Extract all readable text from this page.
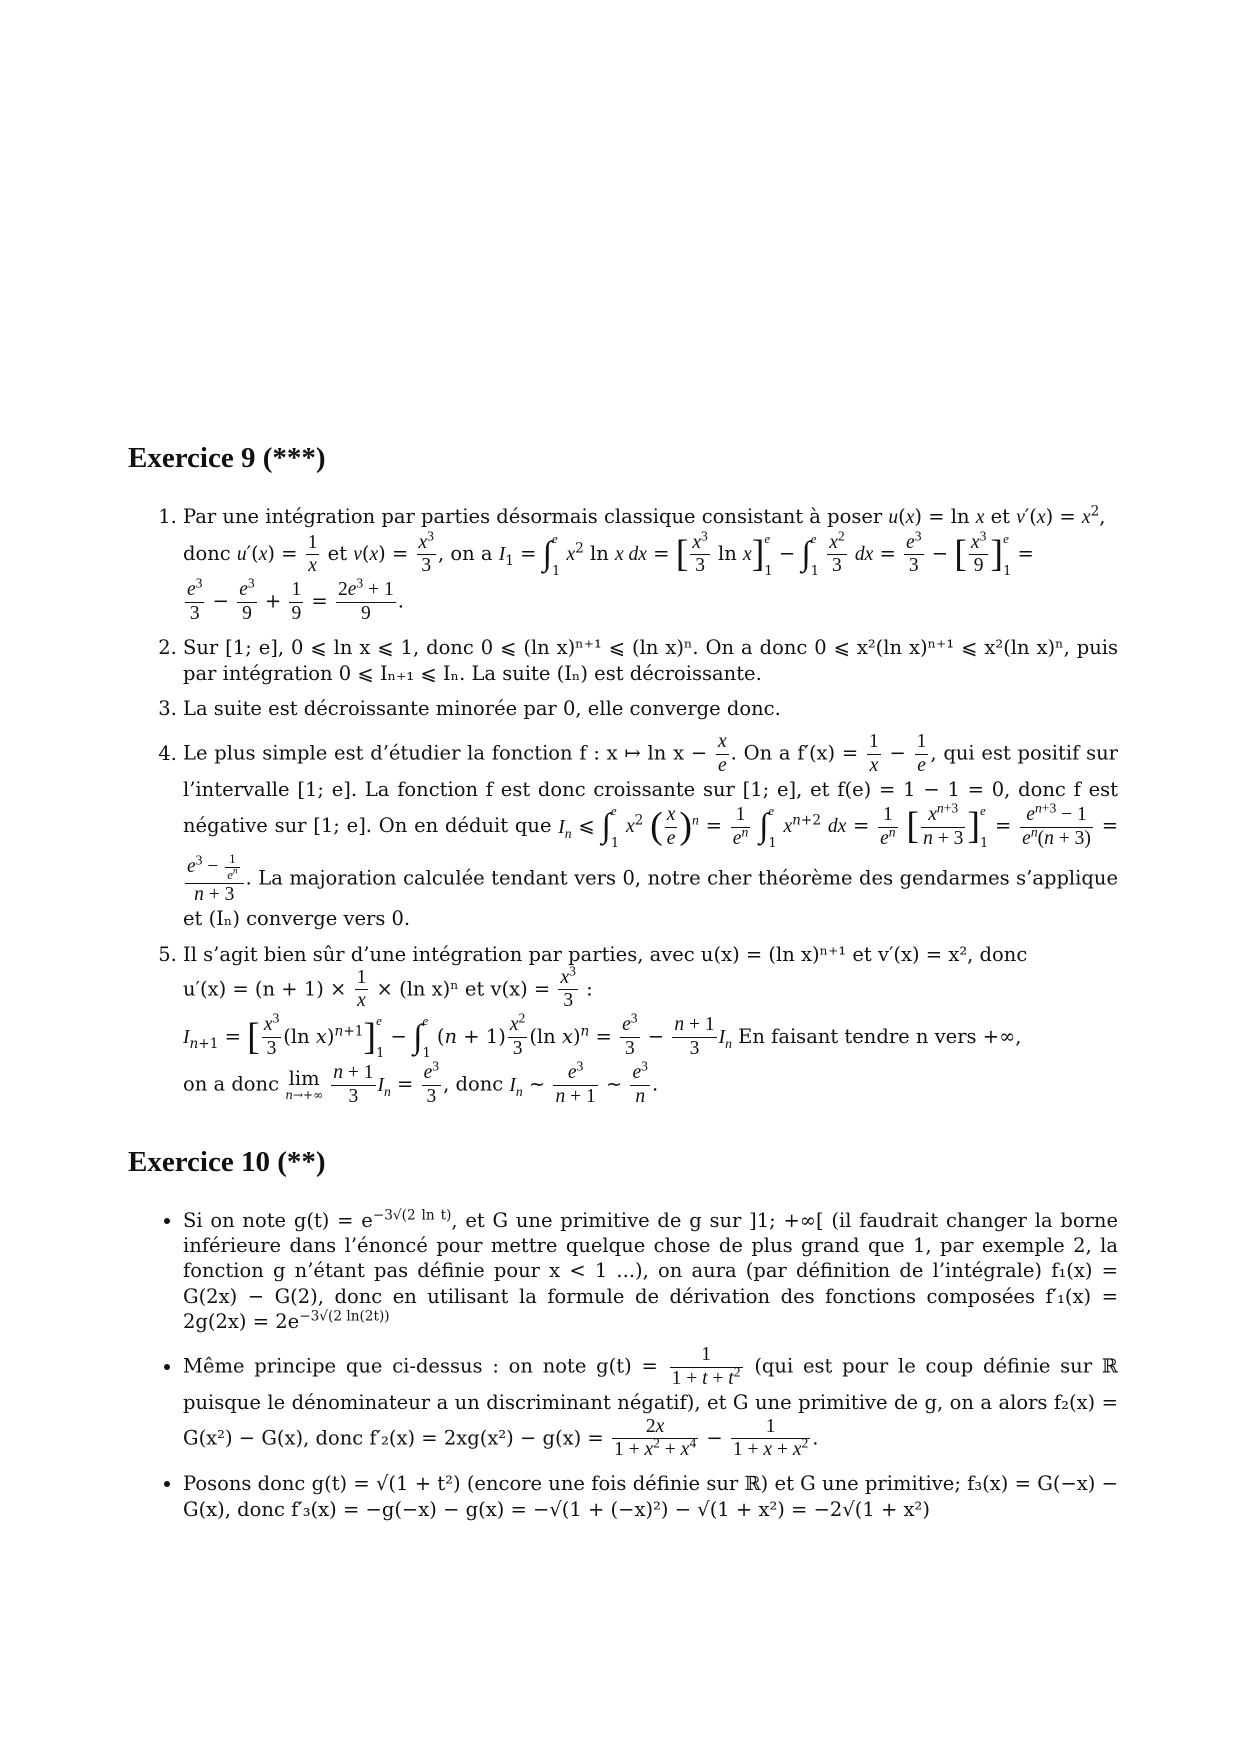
Exercice 9 (***)
1. Par une intégration par parties désormais classique consistant à poser u(x) = ln x et $v'(x) = x^2$,
donc $u'(x) = \frac{1}{x}$ et $v(x) = \frac{x^3}{3}$ , on a $I_1$ = ∫ e
1
$x^2$ ln x dx = [ $\frac{x^3}{3}$ ln x] e
1
− ∫ e
1
$\frac{x^2}{3}$ dx = $\frac{e^3}{3}$ − [ $\frac{x^3}{9}$ ] e
1
=
$\frac{e^3}{3} - \frac{e^3}{9} + \frac{1}{9} = \frac{2e^3 + 1}{9}$ .
2. Sur [1; e], 0 ⩽ ln x ⩽ 1, donc 0 ⩽ (ln x)ⁿ⁺¹ ⩽ (ln x)ⁿ. On a donc 0 ⩽ x²(ln x)ⁿ⁺¹ ⩽ x²(ln x)ⁿ, puis par intégration 0 ⩽ Iₙ₊₁ ⩽ Iₙ. La suite (Iₙ) est décroissante.
3. La suite est décroissante minorée par 0, elle converge donc.
4. Le plus simple est d’étudier la fonction f : x ↦ $\ln x - \frac{x}{e}$ . On a $f'(x) = \frac{1}{x} - \frac{1}{e}$ , qui est positif sur l’intervalle [1; e]. La fonction f est donc croissante sur [1; e], et f(e) = 1 − 1 = 0, donc f est négative sur [1; e]. On en déduit que $I_n$ ⩽ ∫ e
1
$x^2$ ( $\frac{x}{e} )^n = \frac{1}{e^n}$ ∫ e
1
$x^{n+2}$ dx = $\frac{1}{e^n}$ [ $\frac{x^{n+3}}{n + 3}$ ] e
1
= $\frac{e^{n+3} - 1}{e^n(n + 3)}$ =
$\frac{e^3 - \frac{1}{e^n}}{n + 3}$ . La majoration calculée tendant vers 0, notre cher théorème des gendarmes s’applique et (Iₙ) converge vers 0.
5. Il s’agit bien sûr d’une intégration par parties, avec u(x) = (ln x)ⁿ⁺¹ et v′(x) = x², donc
$u'(x) = (n + 1) \times \frac{1}{x} \times (\ln$ x)ⁿ et $v(x) = \frac{x^3}{3}$ :
$I_{n+1}$ = [ $\frac{x^3}{3} (\ln$ x)$^{n+1}$] e
1
− ∫ e
1
$(n + 1) \frac{x^2}{3} (\ln$ $x)^n = \frac{e^3}{3} - \frac{n + 1}{3} I_n$ En faisant tendre n vers +∞,
on a donc lim
n→+∞
$\frac{n + 1}{3} I_n = \frac{e^3}{3}$ , donc $I_n$ ∼ $\frac{e^3}{n + 1}$ ∼ $\frac{e^3}{n}$ .
Exercice 10 (**)
• Si on note $g(t) = e^{-3√(2 ln t)}$, et G une primitive de g sur ]1; +∞[ (il faudrait changer la borne inférieure dans l’énoncé pour mettre quelque chose de plus grand que 1, par exemple 2, la fonction g n’étant pas définie pour x < 1 ...), on aura (par définition de l’intégrale) f₁(x) = G(2x) − G(2), donc en utilisant la formule de dérivation des fonctions composées $f'_1(x) = 2g(2x) = 2e^{-3√(2 ln(2t))}$
• Même principe que ci-dessus : on note $g(t) = \frac{1}{1 + t + t^2} (qui$ est pour le coup définie sur ℝ puisque le dénominateur a un discriminant négatif), et G une primitive de g, on a alors f₂(x) = G(x²) − G(x), donc $f'_2(x) = 2xg(x^2) - g(x) = \frac{2x}{1 + x^2 + x^4} - \frac{1}{1 + x + x^2}$ .
• Posons donc g(t) = √(1 + t²) (encore une fois définie sur ℝ) et G une primitive; f₃(x) = G(−x) − G(x), donc f′₃(x) = −g(−x) − g(x) = −√(1 + (−x)²) − √(1 + x²) = −2√(1 + x²)
